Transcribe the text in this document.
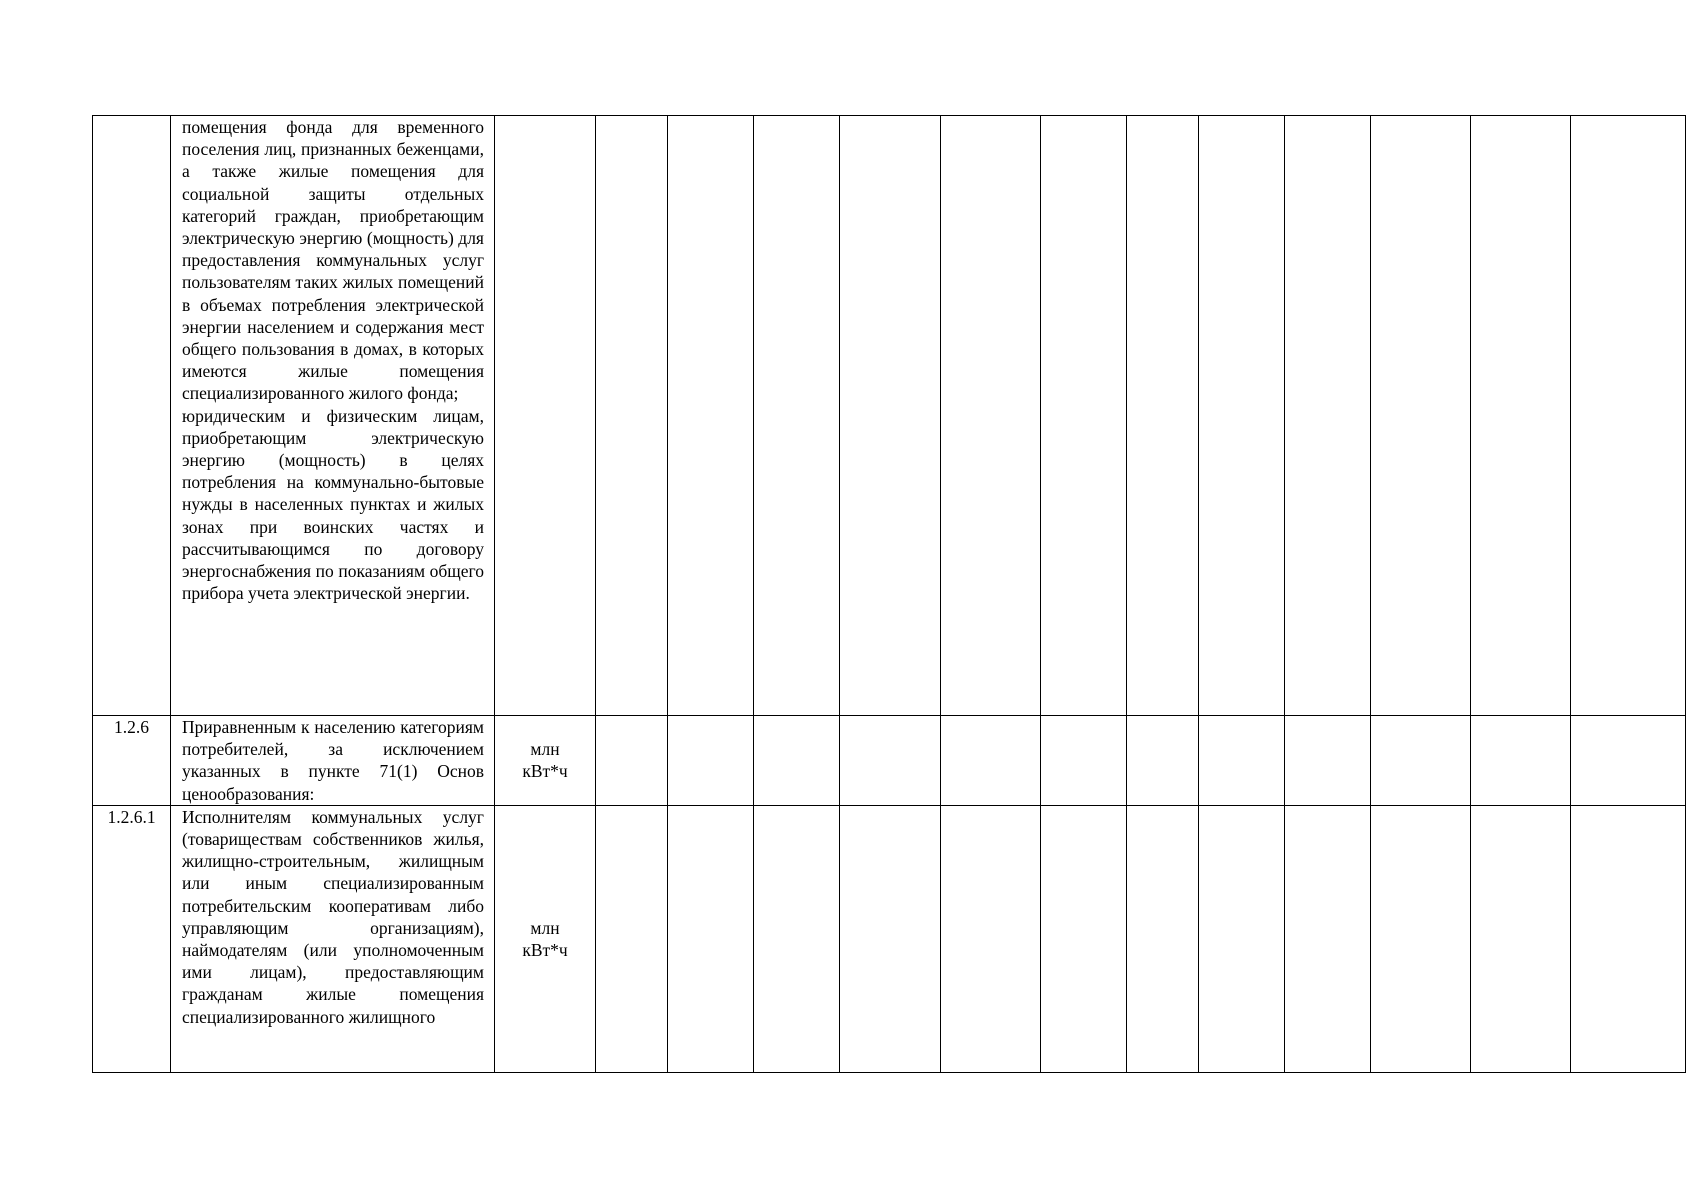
	помещения фонда для временного поселения лиц, признанных беженцами, а также жилые помещения для социальной защиты отдельных категорий граждан, приобретающим электрическую энергию (мощность) для предоставления коммунальных услуг пользователям таких жилых помещений в объемах потребления электрической энергии населением и содержания мест общего пользования в домах, в которых имеются жилые помещения специализированного жилого фонда;

юридическим и физическим лицам, приобретающим электрическую энергию (мощность) в целях потребления на коммунально-бытовые нужды в населенных пунктах и жилых зонах при воинских частях и рассчитывающимся по договору энергоснабжения по показаниям общего прибора учета электрической энергии.													

1.2.6	Приравненным к населению категориям потребителей, за исключением указанных в пункте 71(1) Основ ценообразования:	млн
кВт*ч												

1.2.6.1	Исполнителям коммунальных услуг (товариществам собственников жилья, жилищно-строительным, жилищным или иным специализированным потребительским кооперативам либо управляющим организациям), наймодателям (или уполномоченным ими лицам), предоставляющим гражданам жилые помещения специализированного жилищного	млн
кВт*ч												
